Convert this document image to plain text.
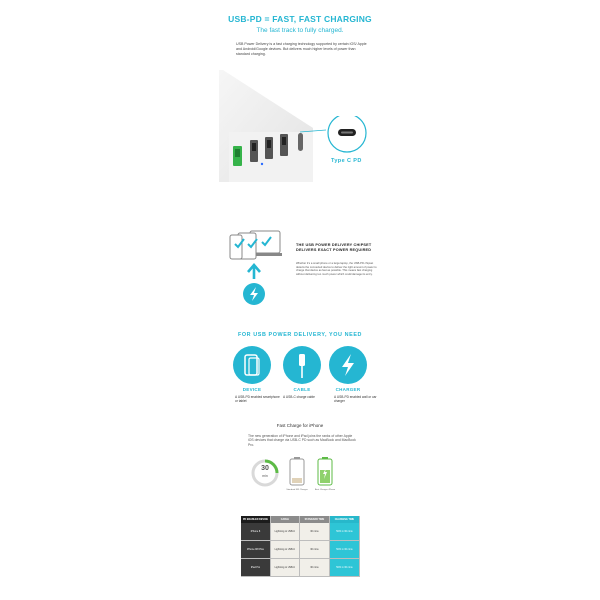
USB-PD = FAST, FAST CHARGING
The fast track to fully charged.
USB Power Delivery is a fast charging technology supported by certain iOS/ Apple and Android/Google devices. But delivers much higher levels of power than standard charging.
Type C PD
THE USB POWER DELIVERY CHIPSET DELIVERS EXACT POWER REQUIRED
Whether it's a small phone or a large laptop, the USB-PD chipset detects the connected device to deliver the right amount of power to charge that device as fast as possible. This means fast charging without delivering too much power which could damage its entry.
FOR USB POWER DELIVERY, YOU NEED
DEVICE	CABLE	CHARGER
A USB-PD enabled smartphone or tablet
A USB-C charge cable	A USB-PD enabled wall or car charger
Fast Charge for iPhone
The new generation of iPhone and iPad joins the ranks of other Apple iOS devices that charge via USB-C PD such as MacBook and MacBook Pro.
30
min
Standard 5W Charger	Best Charger iPhone
PD ENABLED DEVICE	CABLE	STANDARD TIME	CHARGING TIME
iPhone 8	Lightning to USB-C	30 mins	50% in 30 mins
iPhone 8/8 Plus	Lightning to USB-C	30 mins	50% in 30 mins
iPad Pro	Lightning to USB-C	30 mins	50% in 30 mins
